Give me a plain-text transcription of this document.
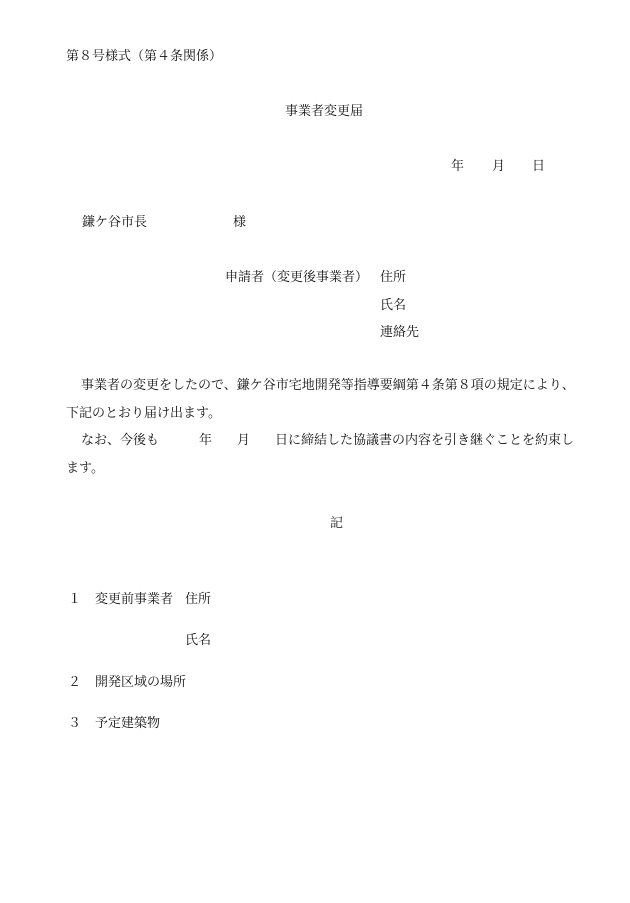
第８号様式（第４条関係）
事業者変更届
年 月 日
鎌ケ谷市長	様
申請者（変更後事業者） 住所
氏名
連絡先
事業者の変更をしたので、鎌ケ谷市宅地開発等指導要綱第４条第８項の規定により、
下記のとおり届け出ます。
なお、今後も	年 月 日に締結した協議書の内容を引き継ぐことを約束し
ます。
記
１ 変更前事業者 住所
氏名
２ 開発区域の場所
３ 予定建築物
